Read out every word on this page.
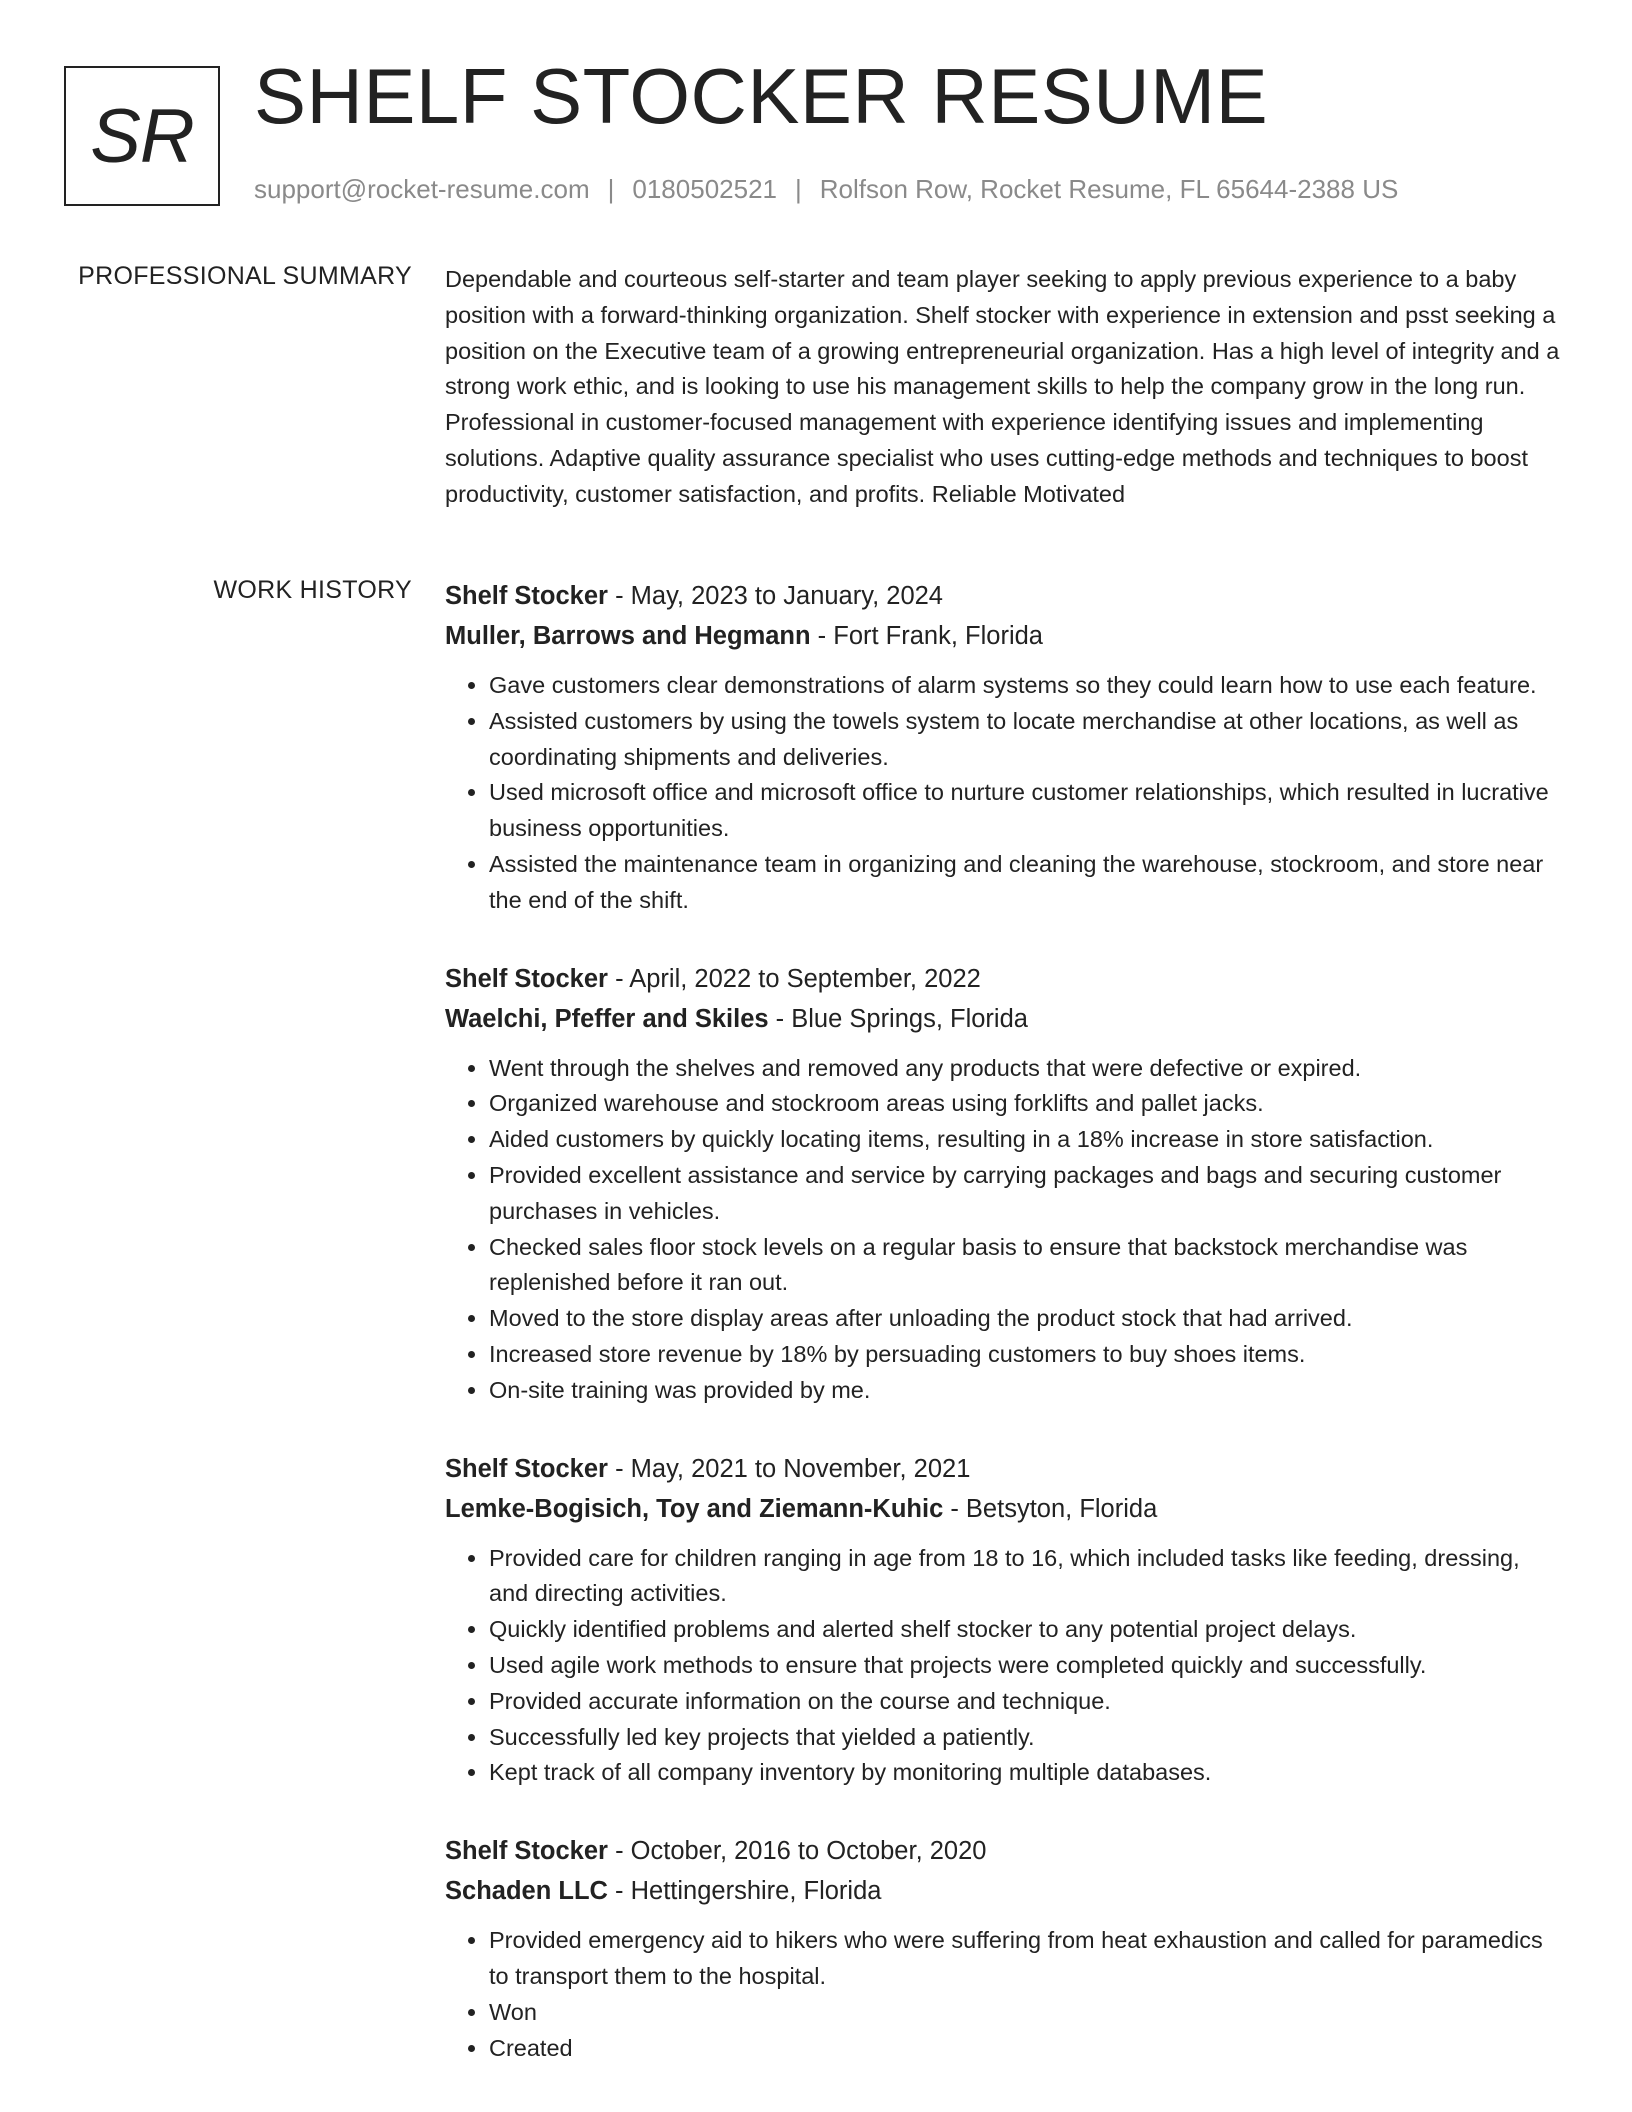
SR SHELF STOCKER RESUME
support@rocket-resume.com | 0180502521 | Rolfson Row, Rocket Resume, FL 65644-2388 US
PROFESSIONAL SUMMARY Dependable and courteous self-starter and team player seeking to apply previous experience to a baby position with a forward-thinking organization. Shelf stocker with experience in extension and psst seeking a position on the Executive team of a growing entrepreneurial organization. Has a high level of integrity and a strong work ethic, and is looking to use his management skills to help the company grow in the long run. Professional in customer-focused management with experience identifying issues and implementing solutions. Adaptive quality assurance specialist who uses cutting-edge methods and techniques to boost productivity, customer satisfaction, and profits. Reliable Motivated

WORK HISTORY Shelf Stocker - May, 2023 to January, 2024
Muller, Barrows and Hegmann - Fort Frank, Florida
• Gave customers clear demonstrations of alarm systems so they could learn how to use each feature.
• Assisted customers by using the towels system to locate merchandise at other locations, as well as coordinating shipments and deliveries.
• Used microsoft office and microsoft office to nurture customer relationships, which resulted in lucrative business opportunities.
• Assisted the maintenance team in organizing and cleaning the warehouse, stockroom, and store near the end of the shift.
Shelf Stocker - April, 2022 to September, 2022
Waelchi, Pfeffer and Skiles - Blue Springs, Florida
• Went through the shelves and removed any products that were defective or expired.
• Organized warehouse and stockroom areas using forklifts and pallet jacks.
• Aided customers by quickly locating items, resulting in a 18% increase in store satisfaction.
• Provided excellent assistance and service by carrying packages and bags and securing customer purchases in vehicles.
• Checked sales floor stock levels on a regular basis to ensure that backstock merchandise was replenished before it ran out.
• Moved to the store display areas after unloading the product stock that had arrived.
• Increased store revenue by 18% by persuading customers to buy shoes items.
• On-site training was provided by me.
Shelf Stocker - May, 2021 to November, 2021
Lemke-Bogisich, Toy and Ziemann-Kuhic - Betsyton, Florida
• Provided care for children ranging in age from 18 to 16, which included tasks like feeding, dressing, and directing activities.
• Quickly identified problems and alerted shelf stocker to any potential project delays.
• Used agile work methods to ensure that projects were completed quickly and successfully.
• Provided accurate information on the course and technique.
• Successfully led key projects that yielded a patiently.
• Kept track of all company inventory by monitoring multiple databases.
Shelf Stocker - October, 2016 to October, 2020
Schaden LLC - Hettingershire, Florida
• Provided emergency aid to hikers who were suffering from heat exhaustion and called for paramedics to transport them to the hospital.
• Won
• Created
